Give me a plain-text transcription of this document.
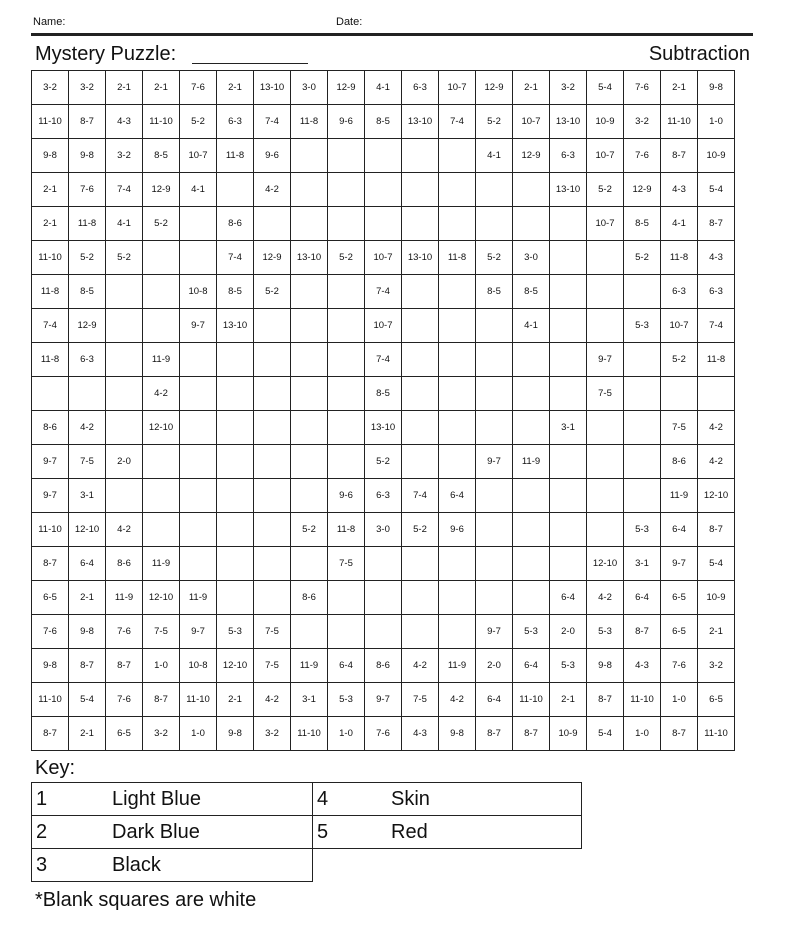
Name:	Date:
Mystery Puzzle:	Subtraction
3-2	3-2	2-1	2-1	7-6	2-1	13-10	3-0	12-9	4-1	6-3	10-7	12-9	2-1	3-2	5-4	7-6	2-1	9-8
11-10	8-7	4-3	11-10	5-2	6-3	7-4	11-8	9-6	8-5	13-10	7-4	5-2	10-7	13-10	10-9	3-2	11-10	1-0
9-8	9-8	3-2	8-5	10-7	11-8	9-6						4-1	12-9	6-3	10-7	7-6	8-7	10-9
2-1	7-6	7-4	12-9	4-1		4-2								13-10	5-2	12-9	4-3	5-4
2-1	11-8	4-1	5-2		8-6										10-7	8-5	4-1	8-7
11-10	5-2	5-2			7-4	12-9	13-10	5-2	10-7	13-10	11-8	5-2	3-0			5-2	11-8	4-3
11-8	8-5			10-8	8-5	5-2			7-4			8-5	8-5				6-3	6-3
7-4	12-9			9-7	13-10				10-7				4-1			5-3	10-7	7-4
11-8	6-3		11-9						7-4						9-7		5-2	11-8
			4-2						8-5						7-5			
8-6	4-2		12-10						13-10					3-1			7-5	4-2
9-7	7-5	2-0							5-2			9-7	11-9				8-6	4-2
9-7	3-1							9-6	6-3	7-4	6-4						11-9	12-10
11-10	12-10	4-2					5-2	11-8	3-0	5-2	9-6					5-3	6-4	8-7
8-7	6-4	8-6	11-9					7-5							12-10	3-1	9-7	5-4
6-5	2-1	11-9	12-10	11-9			8-6							6-4	4-2	6-4	6-5	10-9
7-6	9-8	7-6	7-5	9-7	5-3	7-5						9-7	5-3	2-0	5-3	8-7	6-5	2-1
9-8	8-7	8-7	1-0	10-8	12-10	7-5	11-9	6-4	8-6	4-2	11-9	2-0	6-4	5-3	9-8	4-3	7-6	3-2
11-10	5-4	7-6	8-7	11-10	2-1	4-2	3-1	5-3	9-7	7-5	4-2	6-4	11-10	2-1	8-7	11-10	1-0	6-5
8-7	2-1	6-5	3-2	1-0	9-8	3-2	11-10	1-0	7-6	4-3	9-8	8-7	8-7	10-9	5-4	1-0	8-7	11-10
Key:
1	Light Blue	4	Skin
2	Dark Blue	5	Red
3	Black		
*Blank squares are white
